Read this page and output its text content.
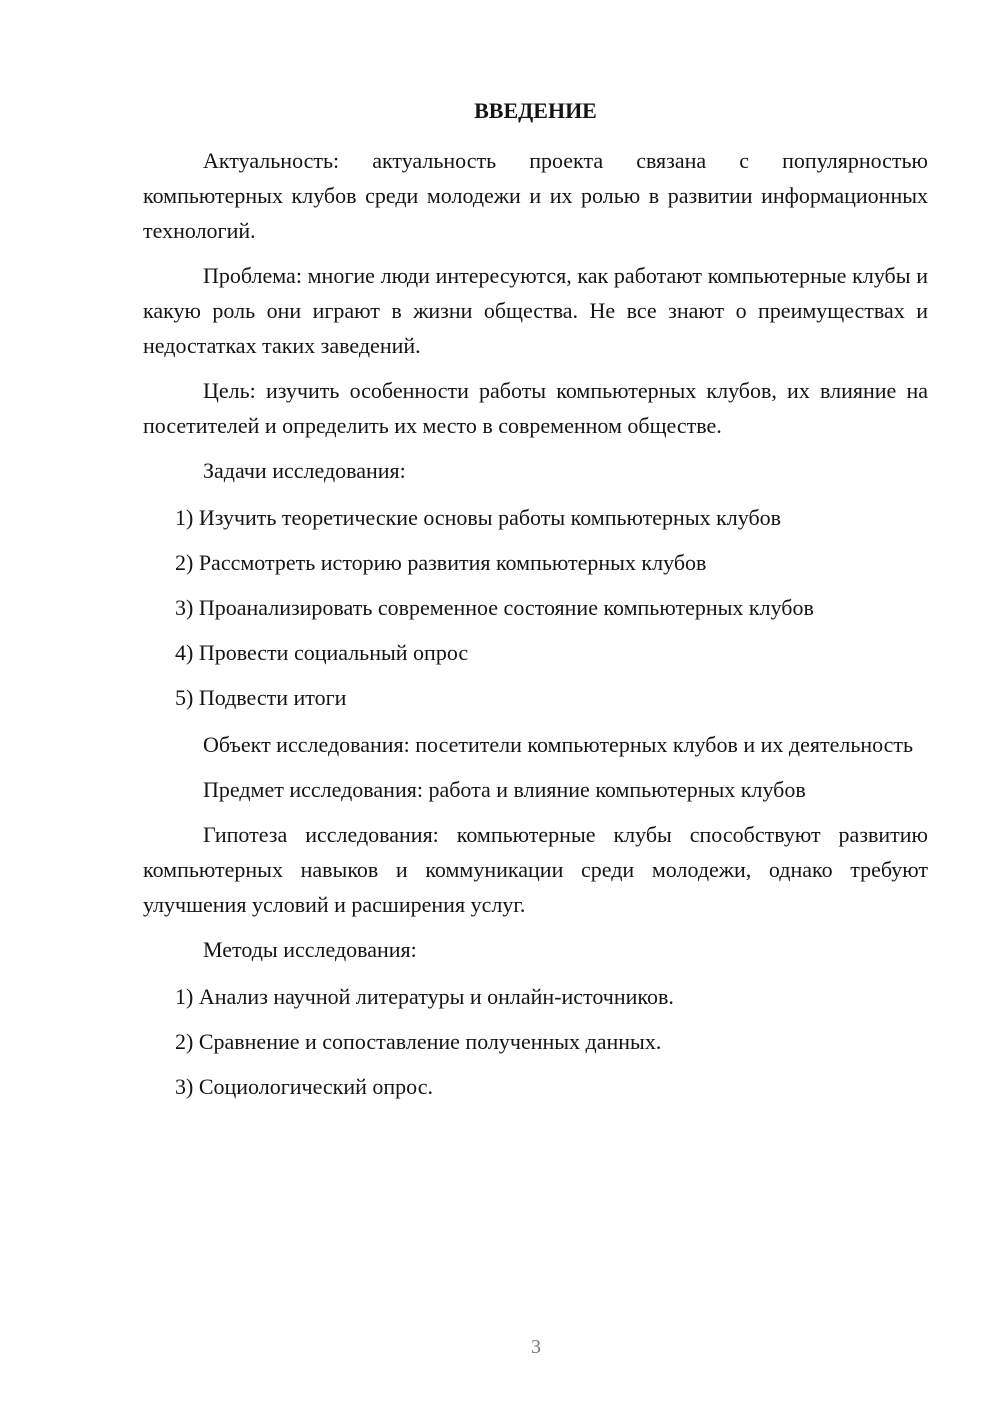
ВВЕДЕНИЕ

Актуальность: актуальность проекта связана с популярностью компьютерных клубов среди молодежи и их ролью в развитии информационных технологий.

Проблема: многие люди интересуются, как работают компьютерные клубы и какую роль они играют в жизни общества. Не все знают о преимуществах и недостатках таких заведений.

Цель: изучить особенности работы компьютерных клубов, их влияние на посетителей и определить их место в современном обществе.

Задачи исследования:

1) Изучить теоретические основы работы компьютерных клубов
2) Рассмотреть историю развития компьютерных клубов
3) Проанализировать современное состояние компьютерных клубов
4) Провести социальный опрос
5) Подвести итоги

Объект исследования: посетители компьютерных клубов и их деятельность

Предмет исследования: работа и влияние компьютерных клубов

Гипотеза исследования: компьютерные клубы способствуют развитию компьютерных навыков и коммуникации среди молодежи, однако требуют улучшения условий и расширения услуг.

Методы исследования:

1) Анализ научной литературы и онлайн-источников.
2) Сравнение и сопоставление полученных данных.
3) Социологический опрос.
3
